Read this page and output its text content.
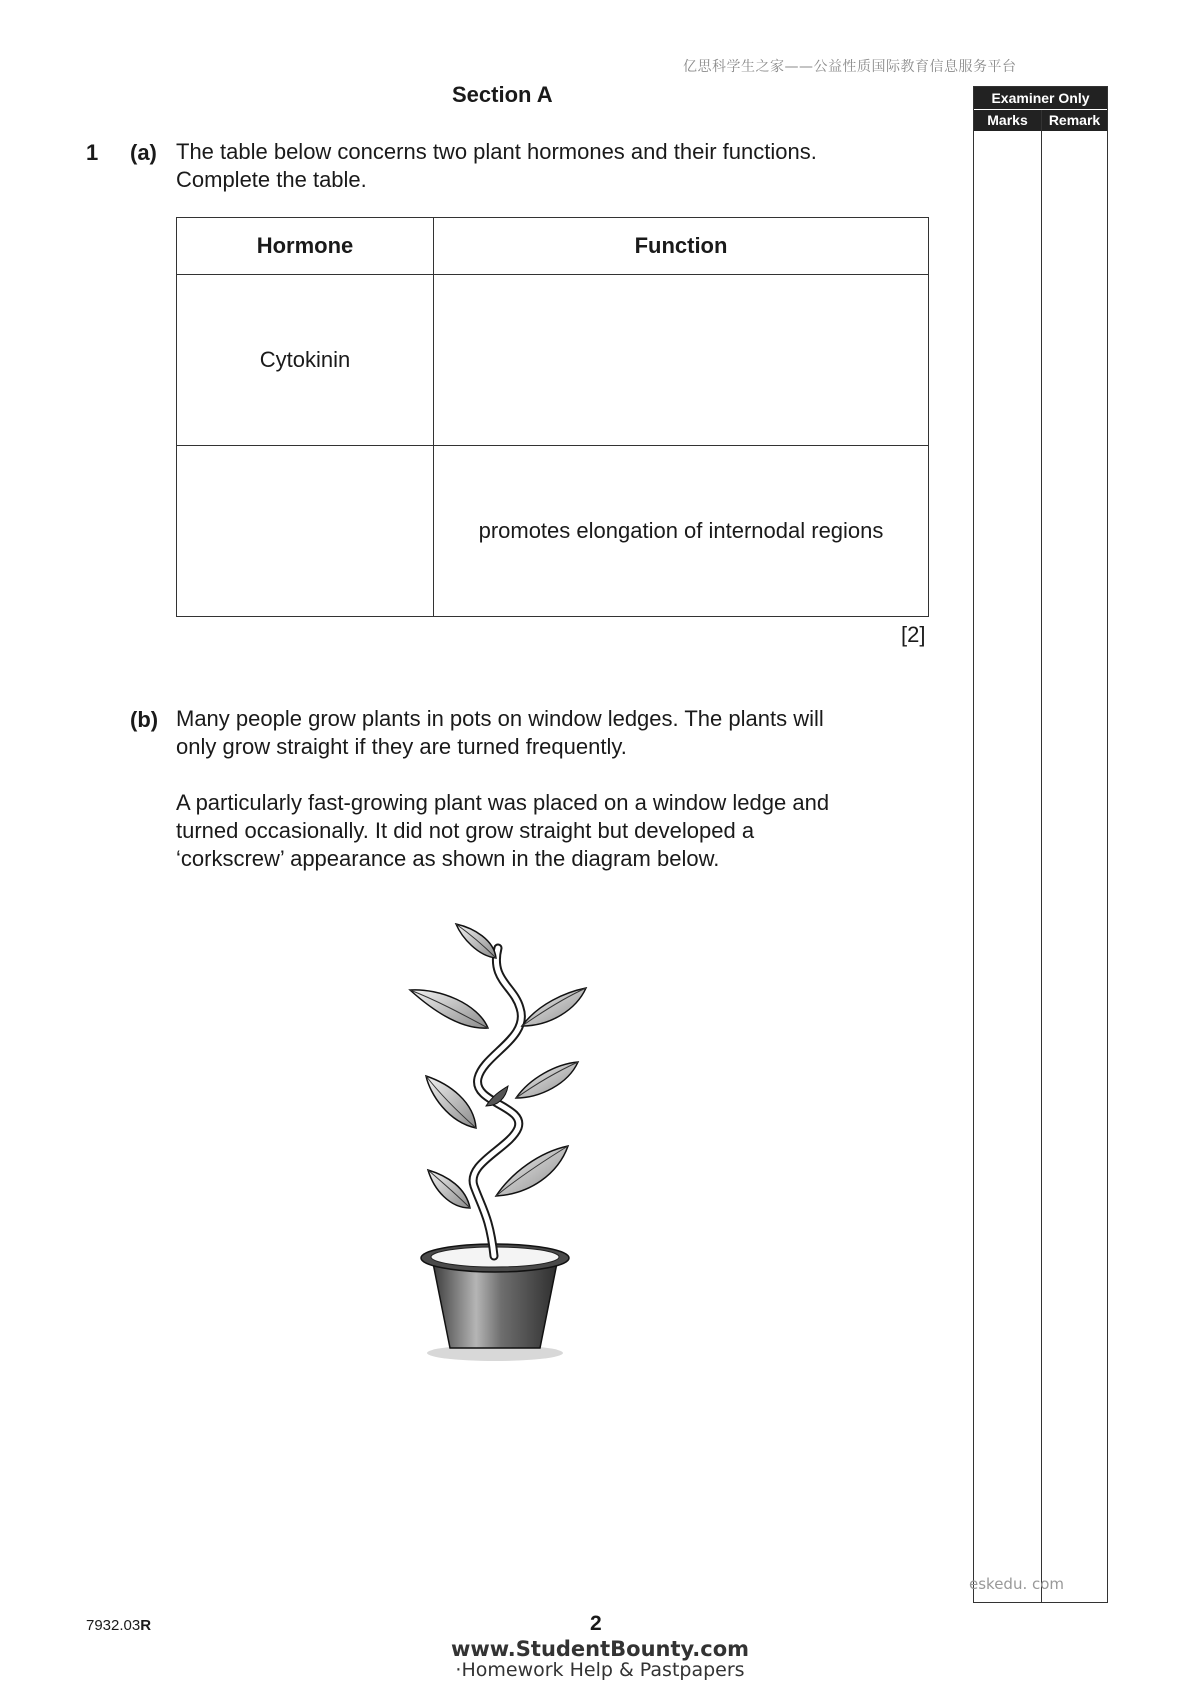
亿思科学生之家——公益性质国际教育信息服务平台
Section A	Examiner Only
Marks	Remark
1 (a) The table below concerns two plant hormones and their functions.
Complete the table.
Hormone	Function
Cytokinin	
	promotes elongation of internodal regions
[2]
(b) Many people grow plants in pots on window ledges. The plants will
only grow straight if they are turned frequently.
A particularly fast-growing plant was placed on a window ledge and
turned occasionally. It did not grow straight but developed a
‘corkscrew’ appearance as shown in the diagram below.
eskedu. com
7932.03R	2
www.StudentBounty.com
·Homework Help & Pastpapers
